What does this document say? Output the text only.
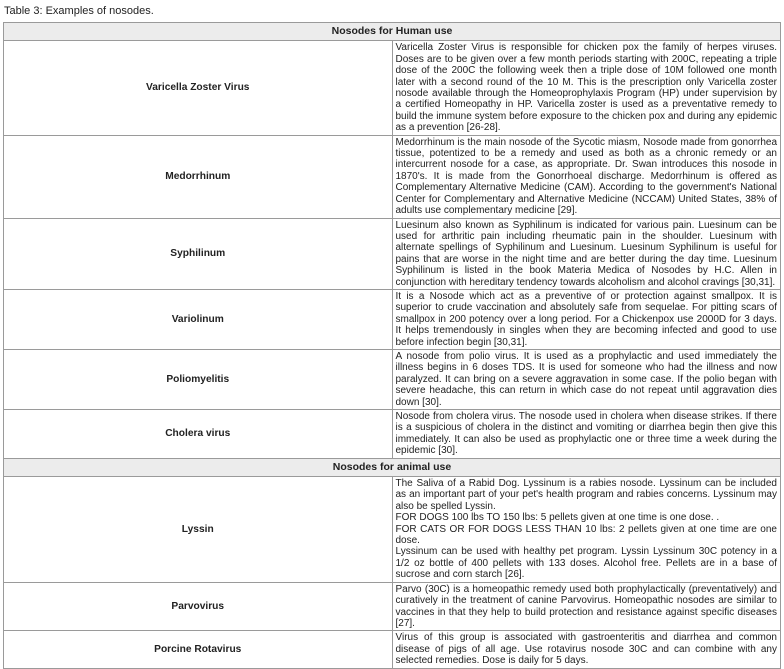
Table 3: Examples of nosodes.
Nosodes for Human use	
Varicella Zoster Virus	Varicella Zoster Virus is responsible for chicken pox the family of herpes viruses. Doses are to be given over a few month periods starting with 200C, repeating a triple dose of the 200C the following week then a triple dose of 10M followed one month later with a second round of the 10 M. This is the prescription only Varicella zoster nosode available through the Homeoprophylaxis Program (HP) under supervision by a certified Homeopathy in HP. Varicella zoster is used as a preventative remedy to build the immune system before exposure to the chicken pox and during any epidemic as a prevention [26-28].

Medorrhinum	Medorrhinum is the main nosode of the Sycotic miasm, Nosode made from gonorrhea tissue, potentized to be a remedy and used as both as a chronic remedy or an intercurrent nosode for a case, as appropriate. Dr. Swan introduces this nosode in 1870's. It is made from the Gonorrhoeal discharge. Medorrhinum is offered as Complementary Alternative Medicine (CAM). According to the government's National Center for Complementary and Alternative Medicine (NCCAM) United States, 38% of adults use complementary medicine [29].

Syphilinum	Luesinum also known as Syphilinum is indicated for various pain. Luesinum can be used for arthritic pain including rheumatic pain in the shoulder. Luesinum with alternate spellings of Syphilinum and Luesinum. Luesinum Syphilinum is useful for pains that are worse in the night time and are better during the day time. Luesinum Syphilinum is listed in the book Materia Medica of Nosodes by H.C. Allen in conjunction with hereditary tendency towards alcoholism and alcohol cravings [30,31].

Variolinum	It is a Nosode which act as a preventive of or protection against smallpox. It is superior to crude vaccination and absolutely safe from sequelae. For pitting scars of smallpox in 200 potency over a long period. For a Chickenpox use 2000D for 3 days. It helps tremendously in singles when they are becoming infected and good to use before infection begin [30,31].

Poliomyelitis	A nosode from polio virus. It is used as a prophylactic and used immediately the illness begins in 6 doses TDS. It is used for someone who had the illness and now paralyzed. It can bring on a severe aggravation in some case. If the polio began with severe headache, this can return in which case do not repeat until aggravation dies down [30].

Cholera virus	Nosode from cholera virus. The nosode used in cholera when disease strikes. If there is a suspicious of cholera in the distinct and vomiting or diarrhea begin then give this immediately. It can also be used as prophylactic one or three time a week during the epidemic [30].

Nosodes for animal use	
Lyssin	The Saliva of a Rabid Dog. Lyssinum is a rabies nosode. Lyssinum can be included as an important part of your pet's health program and rabies concerns. Lyssinum may also be spelled Lyssin.
FOR DOGS 100 lbs TO 150 lbs: 5 pellets given at one time is one dose. .
FOR CATS OR FOR DOGS LESS THAN 10 lbs: 2 pellets given at one time are one dose.
Lyssinum can be used with healthy pet program. Lyssin Lyssinum 30C potency in a 1/2 oz bottle of 400 pellets with 133 doses. Alcohol free. Pellets are in a base of sucrose and corn starch [26].

Parvovirus	Parvo (30C) is a homeopathic remedy used both prophylactically (preventatively) and curatively in the treatment of canine Parvovirus. Homeopathic nosodes are similar to vaccines in that they help to build protection and resistance against specific diseases [27].

Porcine Rotavirus	Virus of this group is associated with gastroenteritis and diarrhea and common disease of pigs of all age. Use rotavirus nosode 30C and can combine with any selected remedies. Dose is daily for 5 days.
